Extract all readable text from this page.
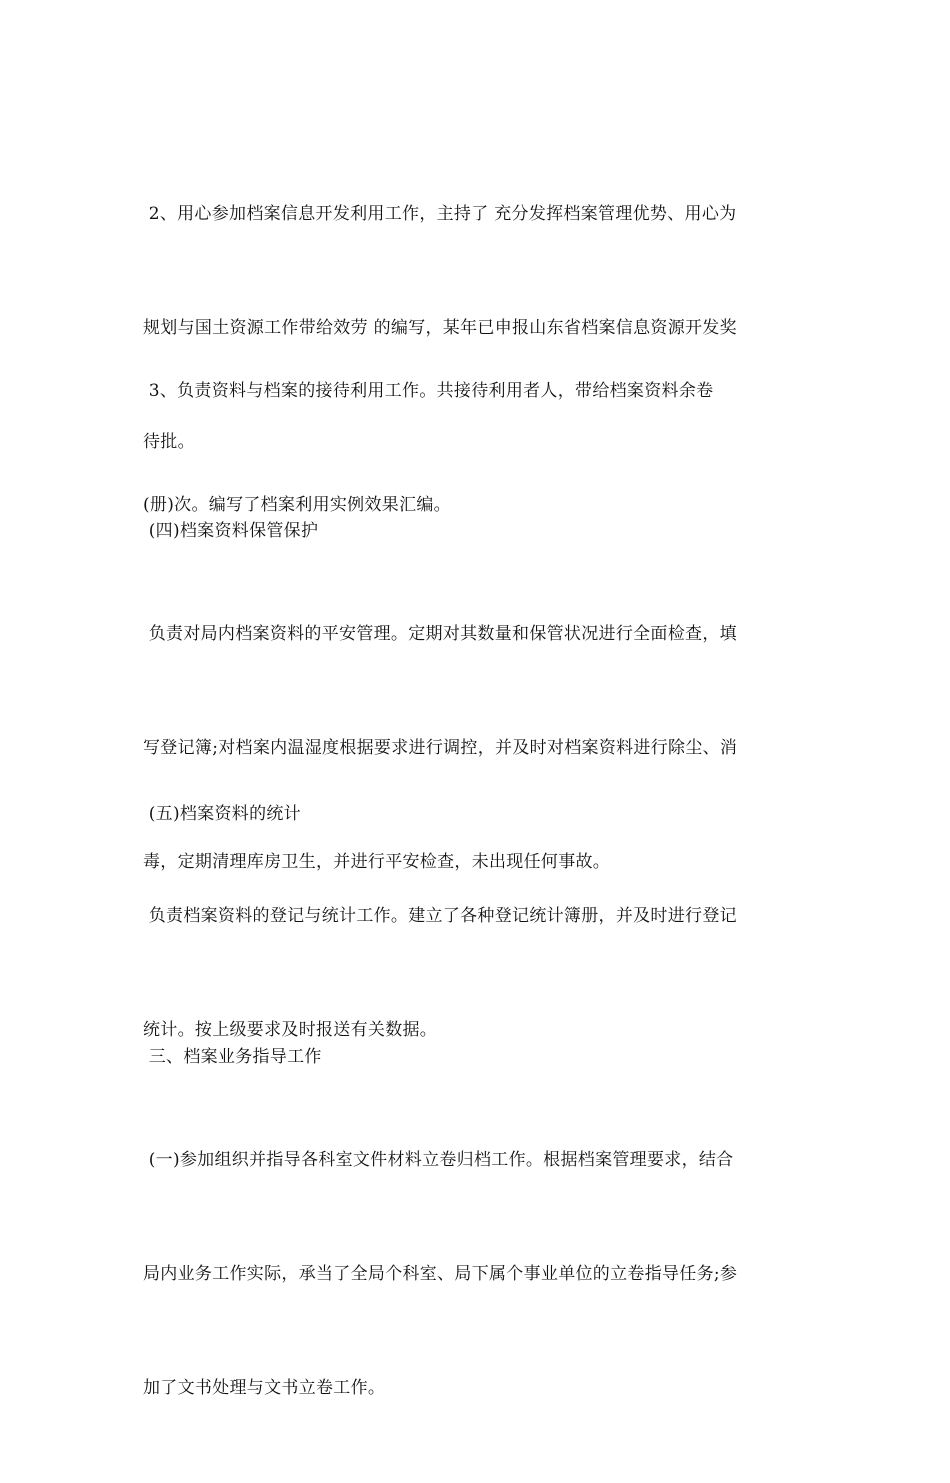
2、用心参加档案信息开发利用工作，主持了 充分发挥档案管理优势、用心为

规划与国土资源工作带给效劳 的编写，某年已申报山东省档案信息资源开发奖

待批。

3、负责资料与档案的接待利用工作。共接待利用者人，带给档案资料余卷

(册)次。编写了档案利用实例效果汇编。

(四)档案资料保管保护

负责对局内档案资料的平安管理。定期对其数量和保管状况进行全面检查，填

写登记簿;对档案内温湿度根据要求进行调控，并及时对档案资料进行除尘、消

毒，定期清理库房卫生，并进行平安检查，未出现任何事故。

(五)档案资料的统计

负责档案资料的登记与统计工作。建立了各种登记统计簿册，并及时进行登记

统计。按上级要求及时报送有关数据。

三、档案业务指导工作

(一)参加组织并指导各科室文件材料立卷归档工作。根据档案管理要求，结合

局内业务工作实际，承当了全局个科室、局下属个事业单位的立卷指导任务;参

加了文书处理与文书立卷工作。
